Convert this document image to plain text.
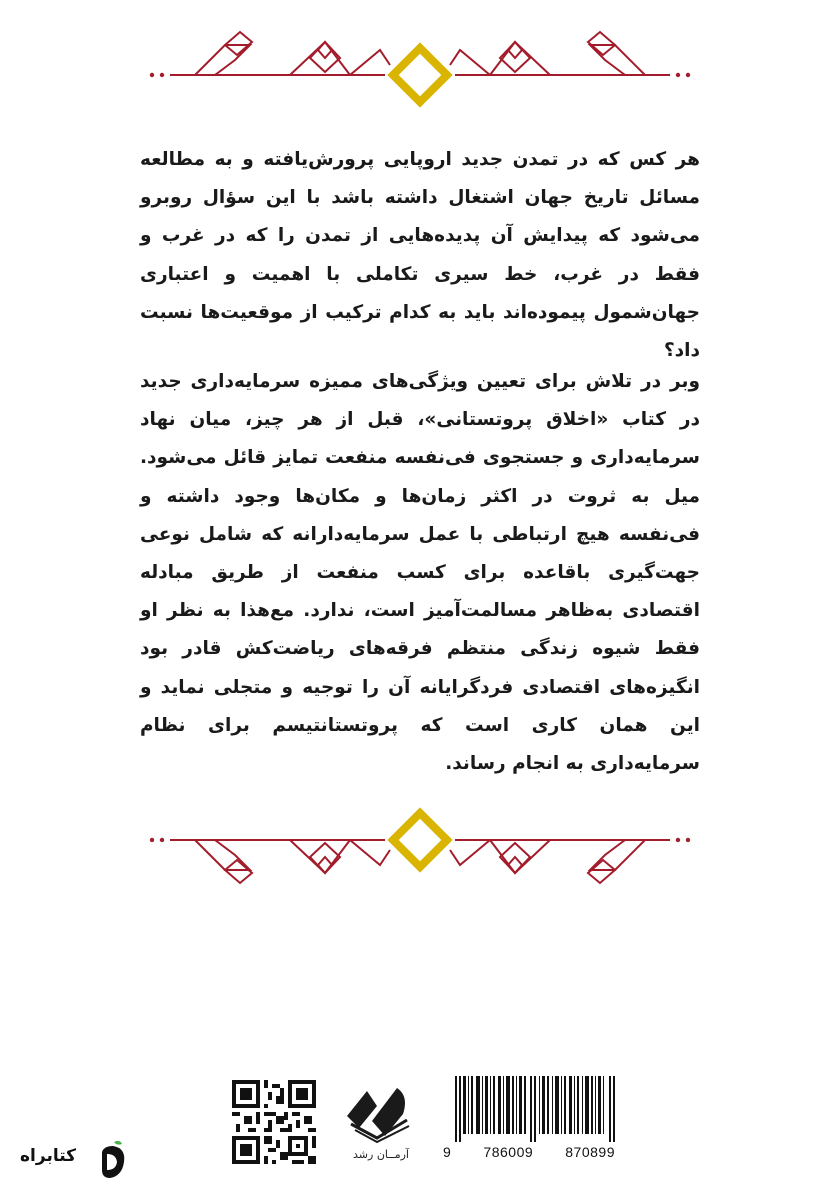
هر کس که در تمدن جدید اروپایی پرورش‌یافته و به مطالعه مسائل تاریخ جهان اشتغال داشته باشد با این سؤال روبرو می‌شود که پیدایش آن پدیده‌هایی از تمدن را که در غرب و فقط در غرب، خط سیری تکاملی با اهمیت و اعتباری جهان‌شمول پیموده‌اند باید به کدام ترکیب از موقعیت‌ها نسبت داد؟
وبر در تلاش برای تعیین ویژگی‌های ممیزه سرمایه‌داری جدید در کتاب «اخلاق پروتستانی»، قبل از هر چیز، میان نهاد سرمایه‌داری و جستجوی فی‌نفسه منفعت تمایز قائل می‌شود. میل به ثروت در اکثر زمان‌ها و مکان‌ها وجود داشته و فی‌نفسه هیچ ارتباطی با عمل سرمایه‌دارانه که شامل نوعی جهت‌گیری باقاعده برای کسب منفعت از طریق مبادله اقتصادی به‌ظاهر مسالمت‌آمیز است، ندارد. مع‌هذا به نظر او فقط شیوه زندگی منتظم فرقه‌های ریاضت‌کش قادر بود انگیزه‌های اقتصادی فردگرایانه آن را توجیه و متجلی نماید و این همان کاری است که پروتستانتیسم برای نظام سرمایه‌داری به انجام رساند.
آرمــان رشد	9 786009 870899
کتابراه
